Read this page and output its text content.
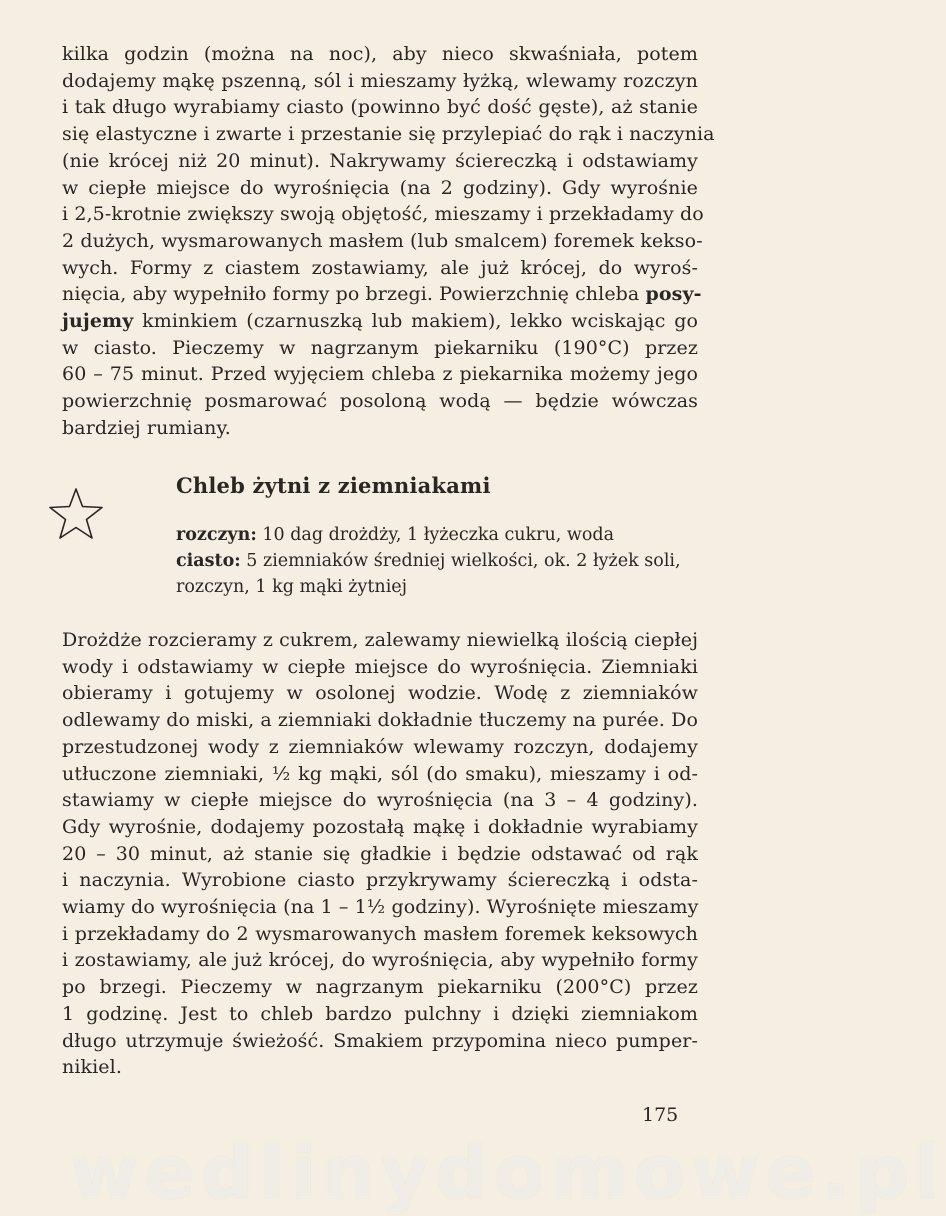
kilka godzin (można na noc), aby nieco skwaśniała, potem
dodajemy mąkę pszenną, sól i mieszamy łyżką, wlewamy rozczyn
i tak długo wyrabiamy ciasto (powinno być dość gęste), aż stanie
się elastyczne i zwarte i przestanie się przylepiać do rąk i naczynia
(nie krócej niż 20 minut). Nakrywamy ściereczką i odstawiamy
w ciepłe miejsce do wyrośnięcia (na 2 godziny). Gdy wyrośnie
i 2,5-krotnie zwiększy swoją objętość, mieszamy i przekładamy do
2 dużych, wysmarowanych masłem (lub smalcem) foremek kekso-
wych. Formy z ciastem zostawiamy, ale już krócej, do wyroś-
nięcia, aby wypełniło formy po brzegi. Powierzchnię chleba posy-
jujemy kminkiem (czarnuszką lub makiem), lekko wciskając go
w ciasto. Pieczemy w nagrzanym piekarniku (190°C) przez
60 – 75 minut. Przed wyjęciem chleba z piekarnika możemy jego
powierzchnię posmarować posoloną wodą — będzie wówczas
bardziej rumiany.
Chleb żytni z ziemniakami
rozczyn: 10 dag drożdży, 1 łyżeczka cukru, woda
ciasto: 5 ziemniaków średniej wielkości, ok. 2 łyżek soli,
rozczyn, 1 kg mąki żytniej
Drożdże rozcieramy z cukrem, zalewamy niewielką ilością ciepłej
wody i odstawiamy w ciepłe miejsce do wyrośnięcia. Ziemniaki
obieramy i gotujemy w osolonej wodzie. Wodę z ziemniaków
odlewamy do miski, a ziemniaki dokładnie tłuczemy na purée. Do
przestudzonej wody z ziemniaków wlewamy rozczyn, dodajemy
utłuczone ziemniaki, ½ kg mąki, sól (do smaku), mieszamy i od-
stawiamy w ciepłe miejsce do wyrośnięcia (na 3 – 4 godziny).
Gdy wyrośnie, dodajemy pozostałą mąkę i dokładnie wyrabiamy
20 – 30 minut, aż stanie się gładkie i będzie odstawać od rąk
i naczynia. Wyrobione ciasto przykrywamy ściereczką i odsta-
wiamy do wyrośnięcia (na 1 – 1½ godziny). Wyrośnięte mieszamy
i przekładamy do 2 wysmarowanych masłem foremek keksowych
i zostawiamy, ale już krócej, do wyrośnięcia, aby wypełniło formy
po brzegi. Pieczemy w nagrzanym piekarniku (200°C) przez
1 godzinę. Jest to chleb bardzo pulchny i dzięki ziemniakom
długo utrzymuje świeżość. Smakiem przypomina nieco pumper-
nikiel.
wedlinydomowe.pl
175
